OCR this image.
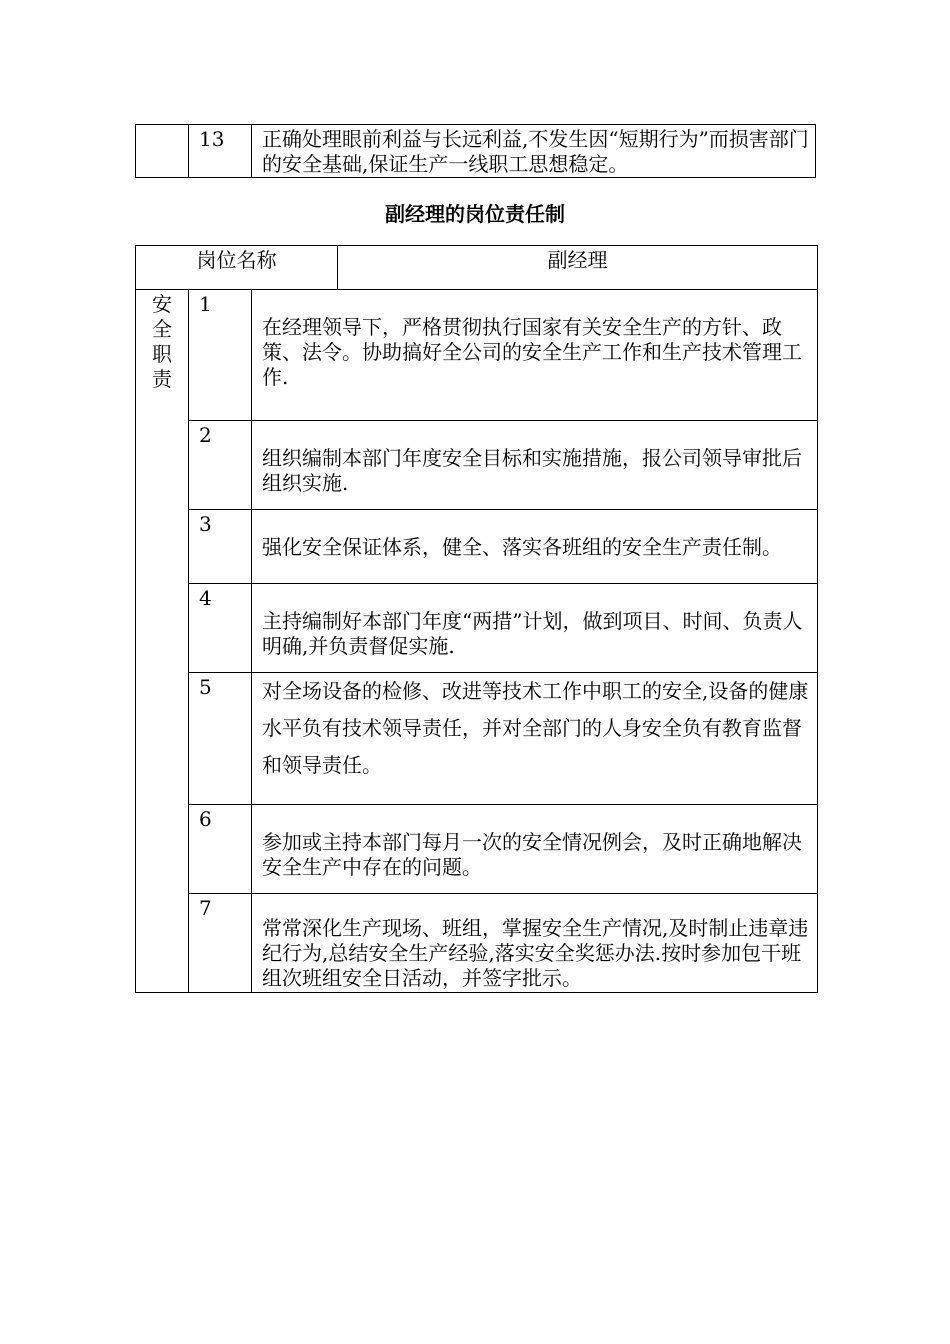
	13	正确处理眼前利益与长远利益,不发生因“短期行为”而损害部门的安全基础,保证生产一线职工思想稳定。
副经理的岗位责任制
岗位名称 副经理		

安全职责	1	在经理领导下，严格贯彻执行国家有关安全生产的方针、政策、法令。协助搞好全公司的安全生产工作和生产技术管理工作.
	2	组织编制本部门年度安全目标和实施措施，报公司领导审批后组织实施.
	3	强化安全保证体系，健全、落实各班组的安全生产责任制。
	4	主持编制好本部门年度“两措”计划，做到项目、时间、负责人明确,并负责督促实施.
	5	对全场设备的检修、改进等技术工作中职工的安全,设备的健康水平负有技术领导责任，并对全部门的人身安全负有教育监督和领导责任。
	6	参加或主持本部门每月一次的安全情况例会，及时正确地解决安全生产中存在的问题。
	7	常常深化生产现场、班组，掌握安全生产情况,及时制止违章违纪行为,总结安全生产经验,落实安全奖惩办法.按时参加包干班组次班组安全日活动，并签字批示。
